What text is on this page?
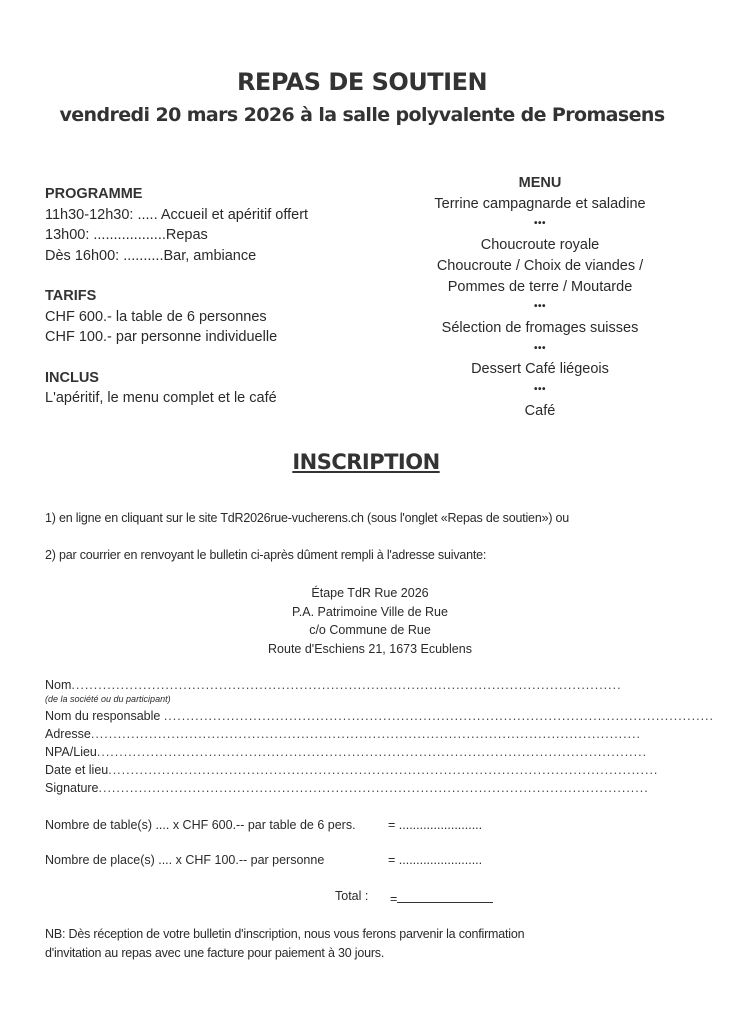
REPAS DE SOUTIEN
vendredi 20 mars 2026 à la salle polyvalente de Promasens
PROGRAMME
11h30-12h30: ..... Accueil et apéritif offert
13h00: ..................Repas
Dès 16h00: ..........Bar, ambiance
TARIFS
CHF 600.- la table de 6 personnes
CHF 100.- par personne individuelle
INCLUS
L'apéritif, le menu complet et le café
MENU
Terrine campagnarde et saladine
•••
Choucroute royale
Choucroute / Choix de viandes /
Pommes de terre / Moutarde
•••
Sélection de fromages suisses
•••
Dessert Café liégeois
•••
Café
INSCRIPTION
1) en ligne en cliquant sur le site TdR2026rue-vucherens.ch (sous l'onglet «Repas de soutien») ou
2) par courrier en renvoyant le bulletin ci-après dûment rempli à l'adresse suivante:
Étape TdR Rue 2026
P.A. Patrimoine Ville de Rue
c/o Commune de Rue
Route d'Eschiens 21, 1673 Ecublens
Nom ...........................................................................................................................
(de la société ou du participant)
Nom du responsable ...........................................................................................................................
Adresse ...........................................................................................................................
NPA/Lieu ...........................................................................................................................
Date et lieu ...........................................................................................................................
Signature ...........................................................................................................................
Nombre de table(s) .... x CHF 600.-- par table de 6 pers.	= ........................
Nombre de place(s) .... x CHF 100.-- par personne	= ........................
Total : =
NB: Dès réception de votre bulletin d'inscription, nous vous ferons parvenir la confirmation
d'invitation au repas avec une facture pour paiement à 30 jours.
